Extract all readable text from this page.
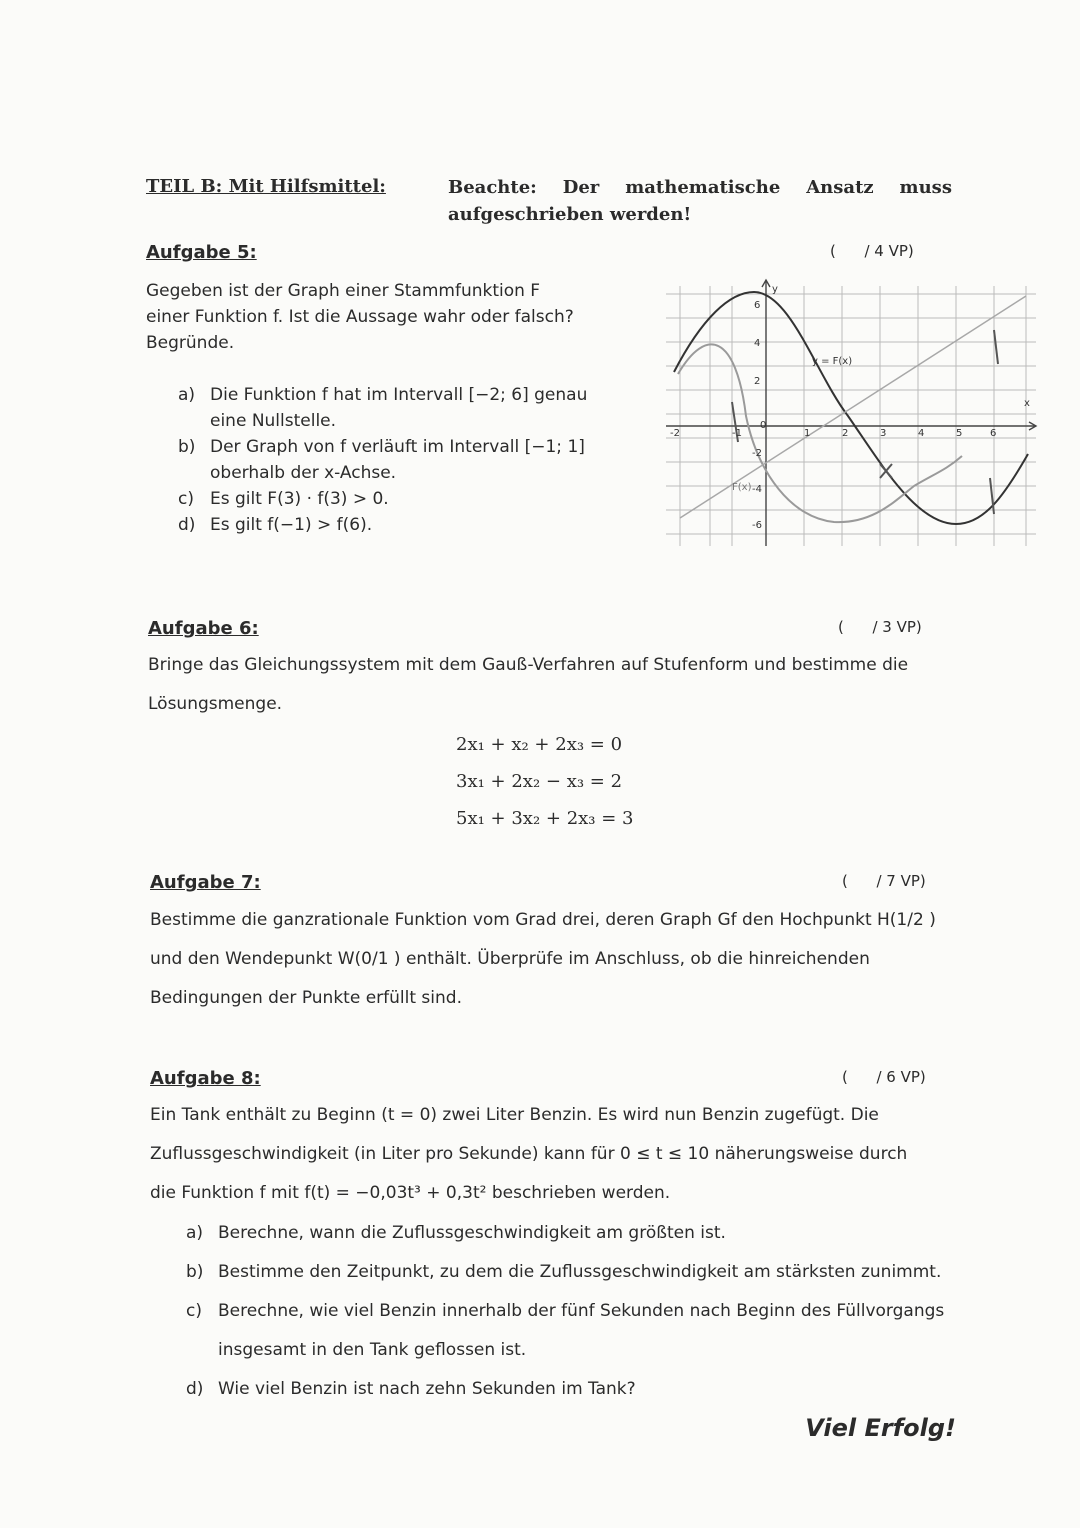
TEIL B: Mit Hilfsmittel:	Beachte: Der mathematische Ansatz muss
aufgeschrieben werden!
Aufgabe 5:	(      / 4 VP)
Gegeben ist der Graph einer Stammfunktion F
einer Funktion f. Ist die Aussage wahr oder falsch?
Begründe.
a) Die Funktion f hat im Intervall [−2; 6] genau
eine Nullstelle.
b) Der Graph von f verläuft im Intervall [−1; 1]
oberhalb der x-Achse.
c) Es gilt F(3) · f(3) > 0.
d) Es gilt f(−1) > f(6).
-2	-1
0
1	2	3	4	5	6
6
4
2
-2
-4
-6
y
x
y = F(x)
F(x)
Aufgabe 6:	(      / 3 VP)
Bringe das Gleichungssystem mit dem Gauß-Verfahren auf Stufenform und bestimme die
Lösungsmenge.
2x₁ + x₂ + 2x₃ = 0
3x₁ + 2x₂ − x₃ = 2
5x₁ + 3x₂ + 2x₃ = 3
Aufgabe 7:	(      / 7 VP)
Bestimme die ganzrationale Funktion vom Grad drei, deren Graph Gf den Hochpunkt H(1/2 )
und den Wendepunkt W(0/1 ) enthält. Überprüfe im Anschluss, ob die hinreichenden
Bedingungen der Punkte erfüllt sind.
Aufgabe 8:	(      / 6 VP)
Ein Tank enthält zu Beginn (t = 0) zwei Liter Benzin. Es wird nun Benzin zugefügt. Die
Zuflussgeschwindigkeit (in Liter pro Sekunde) kann für 0 ≤ t ≤ 10 näherungsweise durch
die Funktion f mit f(t) = −0,03t³ + 0,3t² beschrieben werden.
a) Berechne, wann die Zuflussgeschwindigkeit am größten ist.
b) Bestimme den Zeitpunkt, zu dem die Zuflussgeschwindigkeit am stärksten zunimmt.
c) Berechne, wie viel Benzin innerhalb der fünf Sekunden nach Beginn des Füllvorgangs
insgesamt in den Tank geflossen ist.
d) Wie viel Benzin ist nach zehn Sekunden im Tank?
Viel Erfolg!
